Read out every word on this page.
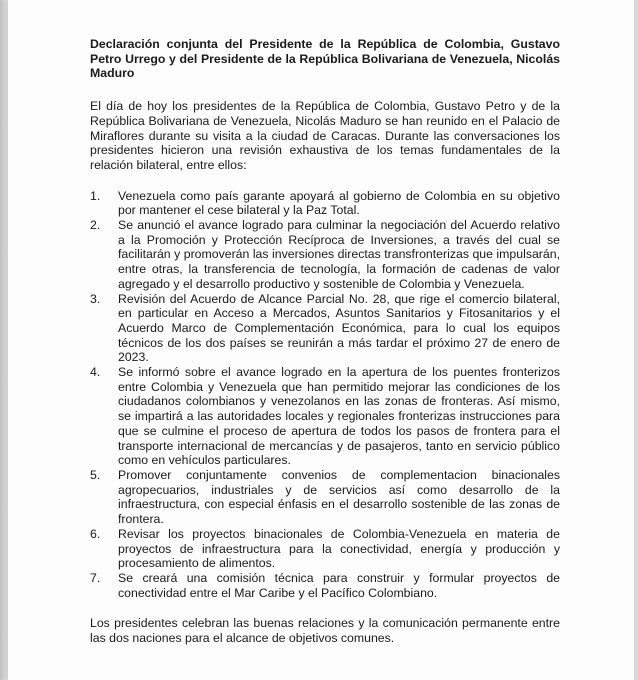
Declaración conjunta del Presidente de la República de Colombia, Gustavo Petro Urrego y del Presidente de la República Bolivariana de Venezuela, Nicolás Maduro

El día de hoy los presidentes de la República de Colombia, Gustavo Petro y de la República Bolivariana de Venezuela, Nicolás Maduro se han reunido en el Palacio de Miraflores durante su visita a la ciudad de Caracas. Durante las conversaciones los presidentes hicieron una revisión exhaustiva de los temas fundamentales de la relación bilateral, entre ellos:

1.	Venezuela como país garante apoyará al gobierno de Colombia en su objetivo por mantener el cese bilateral y la Paz Total.
2.	Se anunció el avance logrado para culminar la negociación del Acuerdo relativo a la Promoción y Protección Recíproca de Inversiones, a través del cual se facilitarán y promoverán las inversiones directas transfronterizas que impulsarán, entre otras, la transferencia de tecnología, la formación de cadenas de valor agregado y el desarrollo productivo y sostenible de Colombia y Venezuela.
3.	Revisión del Acuerdo de Alcance Parcial No. 28, que rige el comercio bilateral, en particular en Acceso a Mercados, Asuntos Sanitarios y Fitosanitarios y el Acuerdo Marco de Complementación Económica, para lo cual los equipos técnicos de los dos países se reunirán a más tardar el próximo 27 de enero de 2023.
4.	Se informó sobre el avance logrado en la apertura de los puentes fronterizos entre Colombia y Venezuela que han permitido mejorar las condiciones de los ciudadanos colombianos y venezolanos en las zonas de fronteras. Así mismo, se impartirá a las autoridades locales y regionales fronterizas instrucciones para que se culmine el proceso de apertura de todos los pasos de frontera para el transporte internacional de mercancías y de pasajeros, tanto en servicio público como en vehículos particulares.
5.	Promover conjuntamente convenios de complementacion binacionales agropecuarios, industriales y de servicios así como desarrollo de la infraestructura, con especial énfasis en el desarrollo sostenible de las zonas de frontera.
6.	Revisar los proyectos binacionales de Colombia-Venezuela en materia de proyectos de infraestructura para la conectividad, energía y producción y procesamiento de alimentos.
7.	Se creará una comisión técnica para construir y formular proyectos de conectividad entre el Mar Caribe y el Pacífico Colombiano.

Los presidentes celebran las buenas relaciones y la comunicación permanente entre las dos naciones para el alcance de objetivos comunes.
